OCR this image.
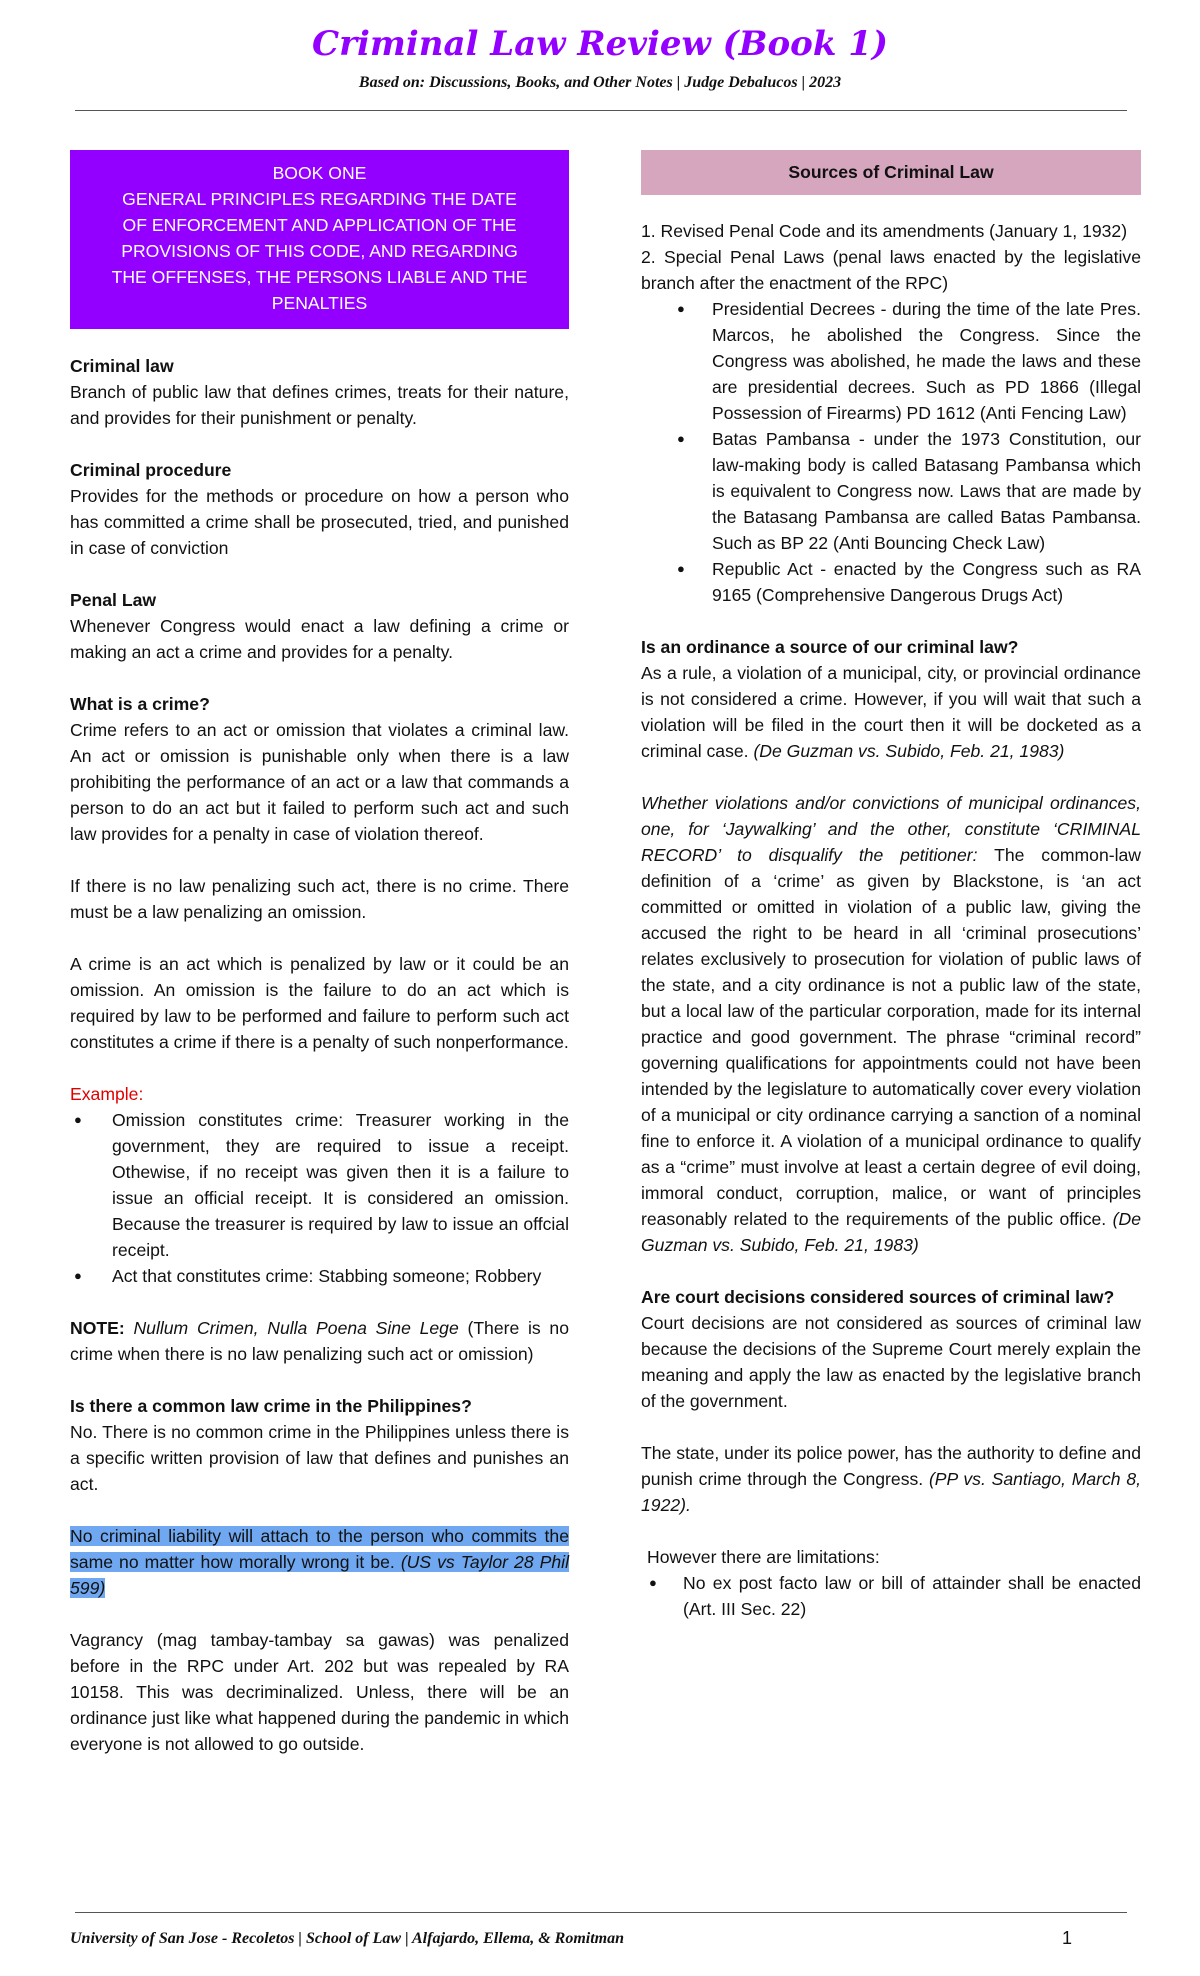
Criminal Law Review (Book 1)
Based on: Discussions, Books, and Other Notes | Judge Debalucos | 2023
BOOK ONE
GENERAL PRINCIPLES REGARDING THE DATE
OF ENFORCEMENT AND APPLICATION OF THE
PROVISIONS OF THIS CODE, AND REGARDING
THE OFFENSES, THE PERSONS LIABLE AND THE
PENALTIES

Criminal law

Branch of public law that defines crimes, treats for their nature, and provides for their punishment or penalty.

Criminal procedure

Provides for the methods or procedure on how a person who has committed a crime shall be prosecuted, tried, and punished in case of conviction

Penal Law

Whenever Congress would enact a law defining a crime or making an act a crime and provides for a penalty.

What is a crime?

Crime refers to an act or omission that violates a criminal law. An act or omission is punishable only when there is a law prohibiting the performance of an act or a law that commands a person to do an act but it failed to perform such act and such law provides for a penalty in case of violation thereof.

If there is no law penalizing such act, there is no crime. There must be a law penalizing an omission.

A crime is an act which is penalized by law or it could be an omission. An omission is the failure to do an act which is required by law to be performed and failure to perform such act constitutes a crime if there is a penalty of such nonperformance.

Example:

● Omission constitutes crime: Treasurer working in the government, they are required to issue a receipt. Othewise, if no receipt was given then it is a failure to issue an official receipt. It is considered an omission. Because the treasurer is required by law to issue an offcial receipt.
● Act that constitutes crime: Stabbing someone; Robbery

NOTE: Nullum Crimen, Nulla Poena Sine Lege (There is no crime when there is no law penalizing such act or omission)

Is there a common law crime in the Philippines?

No. There is no common crime in the Philippines unless there is a specific written provision of law that defines and punishes an act.

No criminal liability will attach to the person who commits the same no matter how morally wrong it be. (US vs Taylor 28 Phil 599)

Vagrancy (mag tambay-tambay sa gawas) was penalized before in the RPC under Art. 202 but was repealed by RA 10158. This was decriminalized. Unless, there will be an ordinance just like what happened during the pandemic in which everyone is not allowed to go outside.

Sources of Criminal Law

1. Revised Penal Code and its amendments (January 1, 1932)

2. Special Penal Laws (penal laws enacted by the legislative branch after the enactment of the RPC)

● Presidential Decrees - during the time of the late Pres. Marcos, he abolished the Congress. Since the Congress was abolished, he made the laws and these are presidential decrees. Such as PD 1866 (Illegal Possession of Firearms) PD 1612 (Anti Fencing Law)
● Batas Pambansa - under the 1973 Constitution, our law-making body is called Batasang Pambansa which is equivalent to Congress now. Laws that are made by the Batasang Pambansa are called Batas Pambansa. Such as BP 22 (Anti Bouncing Check Law)
● Republic Act - enacted by the Congress such as RA 9165 (Comprehensive Dangerous Drugs Act)

Is an ordinance a source of our criminal law?

As a rule, a violation of a municipal, city, or provincial ordinance is not considered a crime. However, if you will wait that such a violation will be filed in the court then it will be docketed as a criminal case. (De Guzman vs. Subido, Feb. 21, 1983)

Whether violations and/or convictions of municipal ordinances, one, for ‘Jaywalking’ and the other, constitute ‘CRIMINAL RECORD’ to disqualify the petitioner: The common-law definition of a ‘crime’ as given by Blackstone, is ‘an act committed or omitted in violation of a public law, giving the accused the right to be heard in all ‘criminal prosecutions’ relates exclusively to prosecution for violation of public laws of the state, and a city ordinance is not a public law of the state, but a local law of the particular corporation, made for its internal practice and good government. The phrase “criminal record” governing qualifications for appointments could not have been intended by the legislature to automatically cover every violation of a municipal or city ordinance carrying a sanction of a nominal fine to enforce it. A violation of a municipal ordinance to qualify as a “crime” must involve at least a certain degree of evil doing, immoral conduct, corruption, malice, or want of principles reasonably related to the requirements of the public office. (De Guzman vs. Subido, Feb. 21, 1983)

Are court decisions considered sources of criminal law?

Court decisions are not considered as sources of criminal law because the decisions of the Supreme Court merely explain the meaning and apply the law as enacted by the legislative branch of the government.

The state, under its police power, has the authority to define and punish crime through the Congress. (PP vs. Santiago, March 8, 1922).

However there are limitations:

● No ex post facto law or bill of attainder shall be enacted (Art. III Sec. 22)
University of San Jose - Recoletos | School of Law | Alfajardo, Ellema, & Romitman	1
